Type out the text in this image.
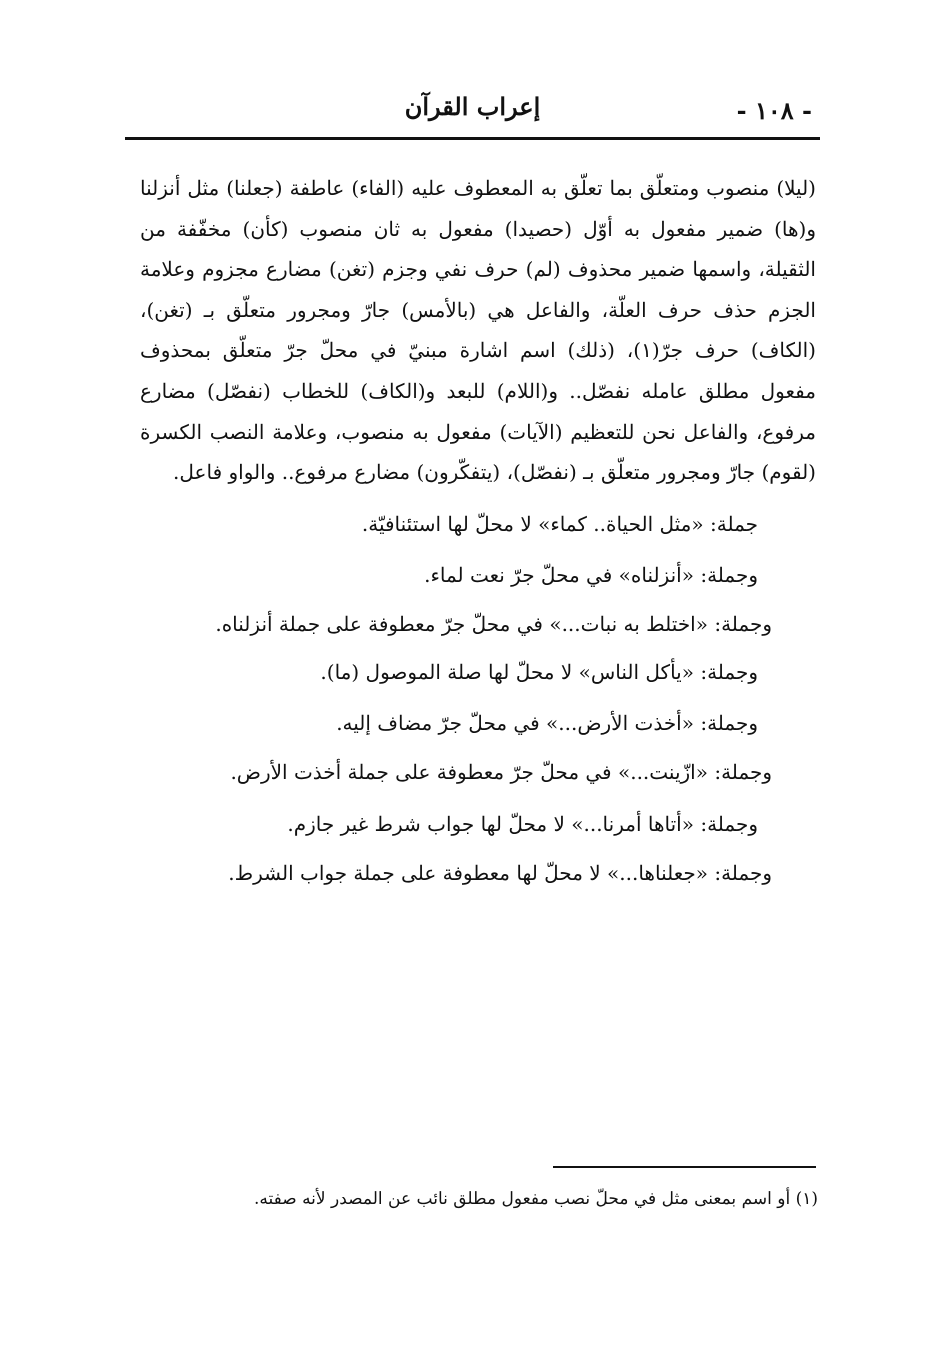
- ١٠٨ -
إعراب القرآن

(ليلا) منصوب ومتعلّق بما تعلّق به المعطوف عليه (الفاء) عاطفة (جعلنا) مثل أنزلنا و(ها) ضمير مفعول به أوّل (حصيدا) مفعول به ثان منصوب (كأن) مخفّفة من الثقيلة، واسمها ضمير محذوف (لم) حرف نفي وجزم (تغن) مضارع مجزوم وعلامة الجزم حذف حرف العلّة، والفاعل هي (بالأمس) جارّ ومجرور متعلّق بـ (تغن)، (الكاف) حرف جرّ(١)، (ذلك) اسم اشارة مبنيّ في محلّ جرّ متعلّق بمحذوف مفعول مطلق عامله نفصّل.. و(اللام) للبعد و(الكاف) للخطاب (نفصّل) مضارع مرفوع، والفاعل نحن للتعظيم (الآيات) مفعول به منصوب، وعلامة النصب الكسرة (لقوم) جارّ ومجرور متعلّق بـ (نفصّل)، (يتفكّرون) مضارع مرفوع.. والواو فاعل.

جملة: «مثل الحياة.. كماء» لا محلّ لها استئنافيّة.

وجملة: «أنزلناه» في محلّ جرّ نعت لماء.

وجملة: «اختلط به نبات...» في محلّ جرّ معطوفة على جملة أنزلناه.

وجملة: «يأكل الناس» لا محلّ لها صلة الموصول (ما).

وجملة: «أخذت الأرض...» في محلّ جرّ مضاف إليه.

وجملة: «ازّينت...» في محلّ جرّ معطوفة على جملة أخذت الأرض.

وجملة: «أتاها أمرنا...» لا محلّ لها جواب شرط غير جازم.

وجملة: «جعلناها...» لا محلّ لها معطوفة على جملة جواب الشرط.

(١) أو اسم بمعنى مثل في محلّ نصب مفعول مطلق نائب عن المصدر لأنه صفته.
